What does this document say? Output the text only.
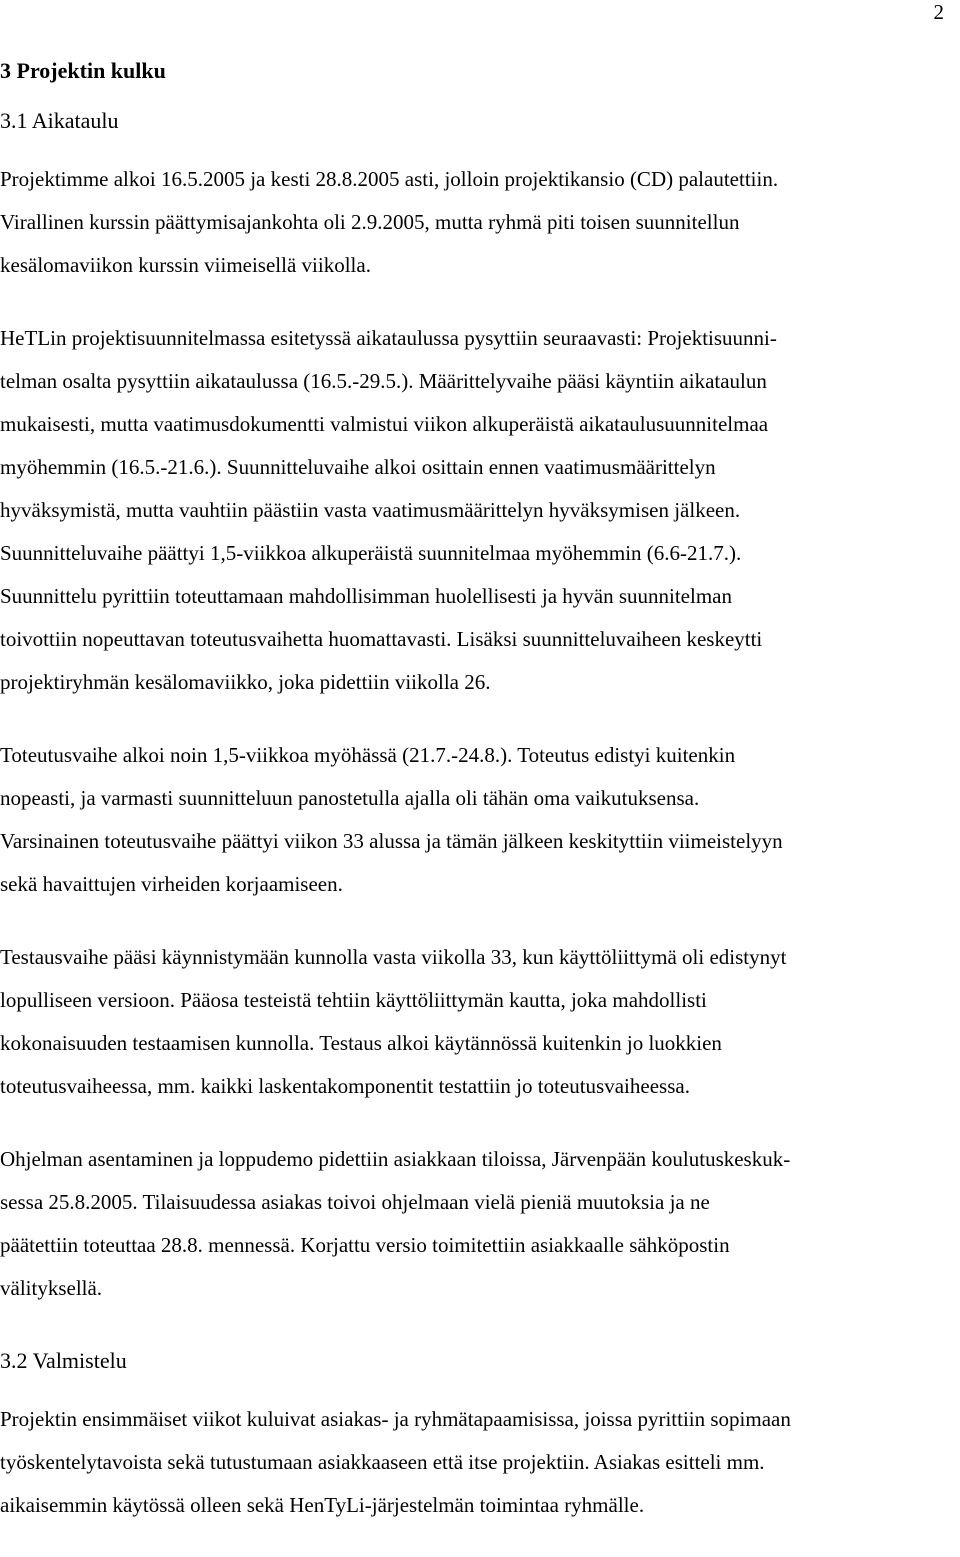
2
3 Projektin kulku
3.1 Aikataulu
Projektimme alkoi 16.5.2005 ja kesti 28.8.2005 asti, jolloin projektikansio (CD) palautettiin.
Virallinen kurssin päättymisajankohta oli 2.9.2005, mutta ryhmä piti toisen suunnitellun
kesälomaviikon kurssin viimeisellä viikolla.
HeTLin projektisuunnitelmassa esitetyssä aikataulussa pysyttiin seuraavasti: Projektisuunni-
telman osalta pysyttiin aikataulussa (16.5.-29.5.). Määrittelyvaihe pääsi käyntiin aikataulun
mukaisesti, mutta vaatimusdokumentti valmistui viikon alkuperäistä aikataulusuunnitelmaa
myöhemmin (16.5.-21.6.). Suunnitteluvaihe alkoi osittain ennen vaatimusmäärittelyn
hyväksymistä, mutta vauhtiin päästiin vasta vaatimusmäärittelyn hyväksymisen jälkeen.
Suunnitteluvaihe päättyi 1,5-viikkoa alkuperäistä suunnitelmaa myöhemmin (6.6-21.7.).
Suunnittelu pyrittiin toteuttamaan mahdollisimman huolellisesti ja hyvän suunnitelman
toivottiin nopeuttavan toteutusvaihetta huomattavasti. Lisäksi suunnitteluvaiheen keskeytti
projektiryhmän kesälomaviikko, joka pidettiin viikolla 26.
Toteutusvaihe alkoi noin 1,5-viikkoa myöhässä (21.7.-24.8.). Toteutus edistyi kuitenkin
nopeasti, ja varmasti suunnitteluun panostetulla ajalla oli tähän oma vaikutuksensa.
Varsinainen toteutusvaihe päättyi viikon 33 alussa ja tämän jälkeen keskityttiin viimeistelyyn
sekä havaittujen virheiden korjaamiseen.
Testausvaihe pääsi käynnistymään kunnolla vasta viikolla 33, kun käyttöliittymä oli edistynyt
lopulliseen versioon. Pääosa testeistä tehtiin käyttöliittymän kautta, joka mahdollisti
kokonaisuuden testaamisen kunnolla. Testaus alkoi käytännössä kuitenkin jo luokkien
toteutusvaiheessa, mm. kaikki laskentakomponentit testattiin jo toteutusvaiheessa.
Ohjelman asentaminen ja loppudemo pidettiin asiakkaan tiloissa, Järvenpään koulutuskeskuk-
sessa 25.8.2005. Tilaisuudessa asiakas toivoi ohjelmaan vielä pieniä muutoksia ja ne
päätettiin toteuttaa 28.8. mennessä. Korjattu versio toimitettiin asiakkaalle sähköpostin
välityksellä.
3.2 Valmistelu
Projektin ensimmäiset viikot kuluivat asiakas- ja ryhmätapaamisissa, joissa pyrittiin sopimaan
työskentelytavoista sekä tutustumaan asiakkaaseen että itse projektiin. Asiakas esitteli mm.
aikaisemmin käytössä olleen sekä HenTyLi-järjestelmän toimintaa ryhmälle.
